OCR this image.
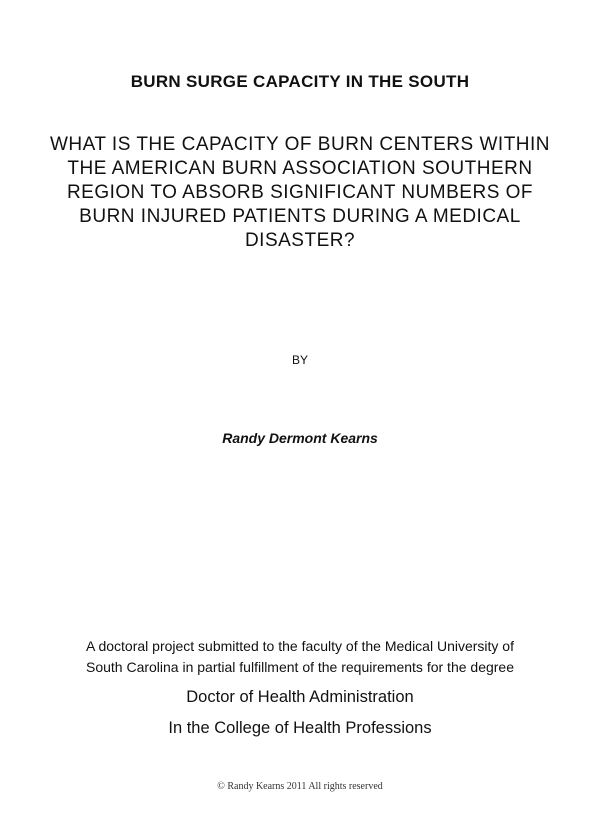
BURN SURGE CAPACITY IN THE SOUTH
WHAT IS THE CAPACITY OF BURN CENTERS WITHIN
THE AMERICAN BURN ASSOCIATION SOUTHERN
REGION TO ABSORB SIGNIFICANT NUMBERS OF
BURN INJURED PATIENTS DURING A MEDICAL
DISASTER?
BY
Randy Dermont Kearns
A doctoral project submitted to the faculty of the Medical University of
South Carolina in partial fulfillment of the requirements for the degree
Doctor of Health Administration
In the College of Health Professions
© Randy Kearns 2011 All rights reserved
